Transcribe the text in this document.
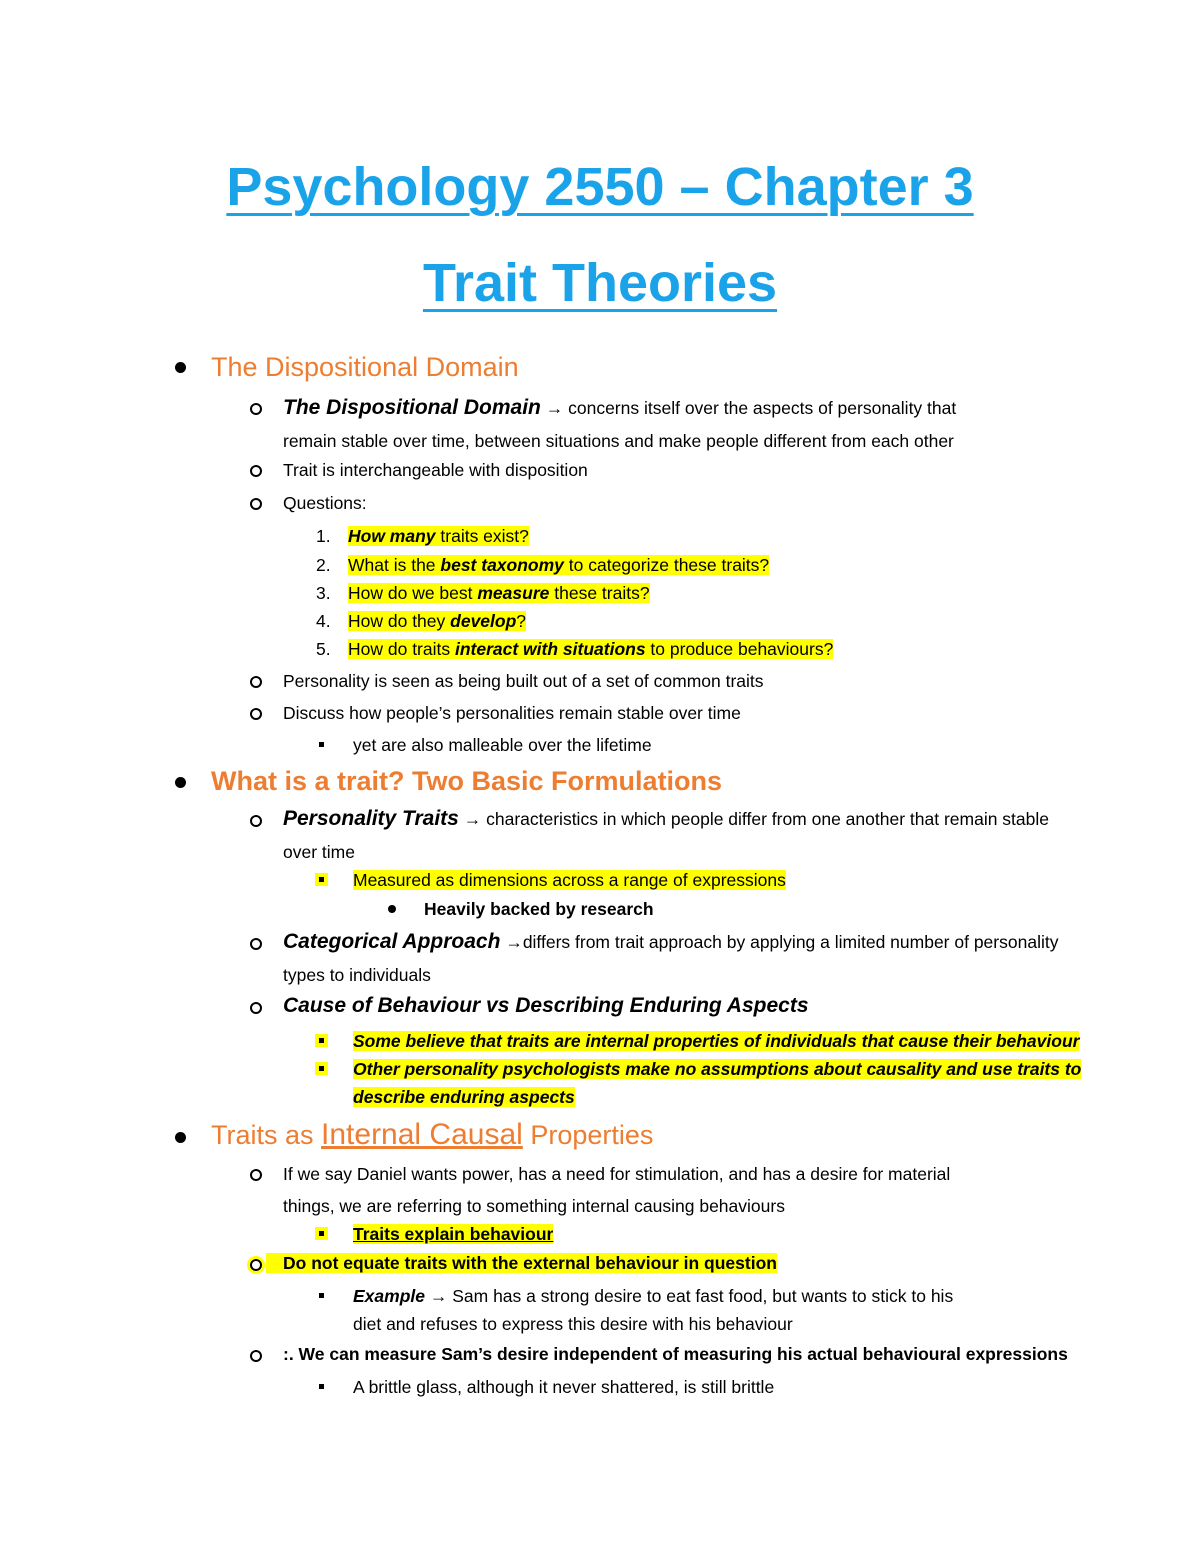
Psychology 2550 – Chapter 3
Trait Theories
The Dispositional Domain
The Dispositional Domain → concerns itself over the aspects of personality that
remain stable over time, between situations and make people different from each other
Trait is interchangeable with disposition
Questions:
1. How many traits exist?
2. What is the best taxonomy to categorize these traits?
3. How do we best measure these traits?
4. How do they develop?
5. How do traits interact with situations to produce behaviours?
Personality is seen as being built out of a set of common traits
Discuss how people’s personalities remain stable over time
yet are also malleable over the lifetime
What is a trait? Two Basic Formulations
Personality Traits → characteristics in which people differ from one another that remain stable
over time
Measured as dimensions across a range of expressions
Heavily backed by research
Categorical Approach →differs from trait approach by applying a limited number of personality
types to individuals
Cause of Behaviour vs Describing Enduring Aspects
Some believe that traits are internal properties of individuals that cause their behaviour
Other personality psychologists make no assumptions about causality and use traits to
describe enduring aspects
Traits as Internal Causal Properties
If we say Daniel wants power, has a need for stimulation, and has a desire for material
things, we are referring to something internal causing behaviours
Traits explain behaviour
Do not equate traits with the external behaviour in question
Example → Sam has a strong desire to eat fast food, but wants to stick to his
diet and refuses to express this desire with his behaviour
:. We can measure Sam’s desire independent of measuring his actual behavioural expressions
A brittle glass, although it never shattered, is still brittle
